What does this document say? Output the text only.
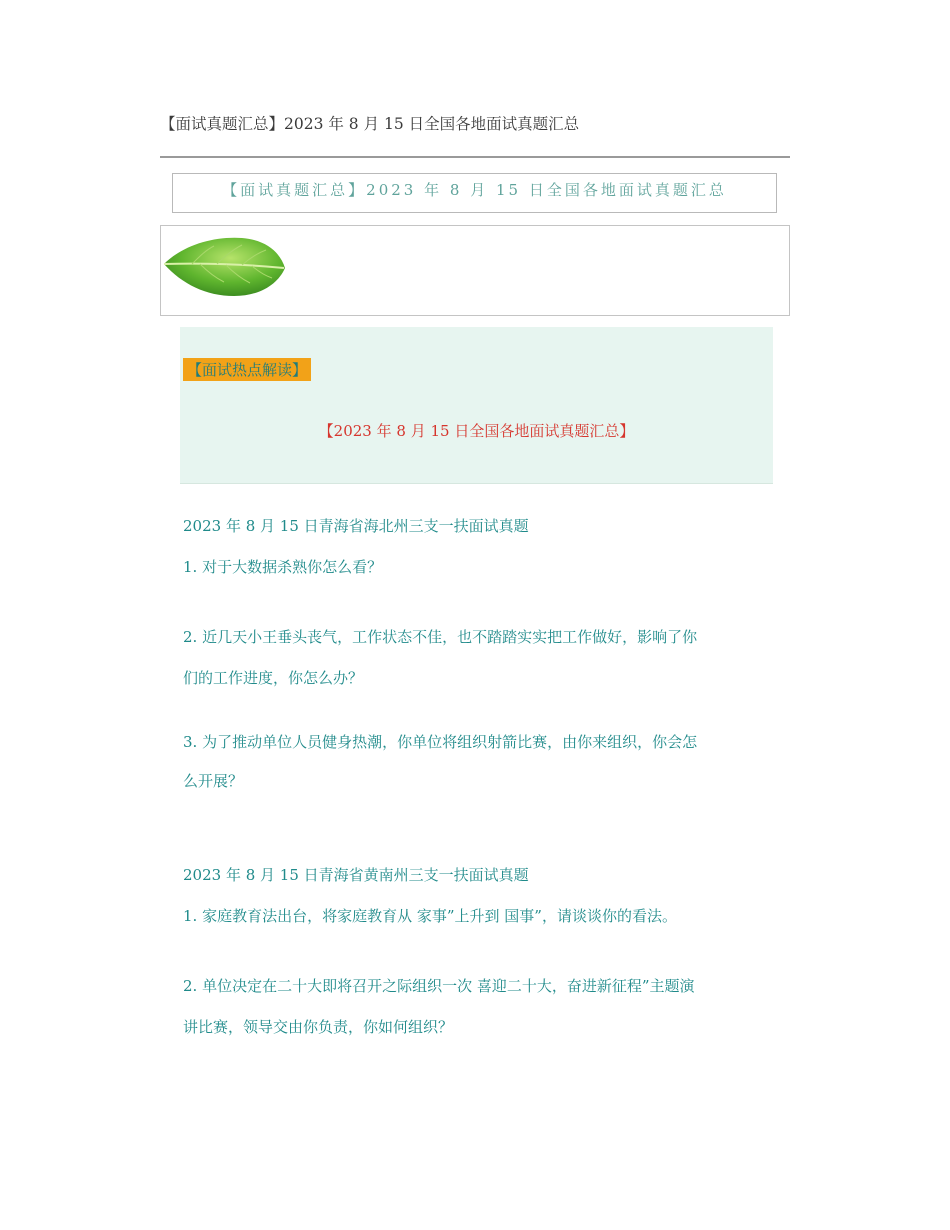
【面试真题汇总】2023 年 8 月 15 日全国各地面试真题汇总
【面试真题汇总】2023 年 8 月 15 日全国各地面试真题汇总
【面试热点解读】
【2023 年 8 月 15 日全国各地面试真题汇总】
2023 年 8 月 15 日青海省海北州三支一扶面试真题
1. 对于大数据杀熟你怎么看？
2. 近几天小王垂头丧气，工作状态不佳，也不踏踏实实把工作做好，影响了你
们的工作进度，你怎么办？
3. 为了推动单位人员健身热潮，你单位将组织射箭比赛，由你来组织，你会怎
么开展？
2023 年 8 月 15 日青海省黄南州三支一扶面试真题
1. 家庭教育法出台，将家庭教育从 家事”上升到 国事”，请谈谈你的看法。
2. 单位决定在二十大即将召开之际组织一次 喜迎二十大，奋进新征程”主题演
讲比赛，领导交由你负责，你如何组织？
